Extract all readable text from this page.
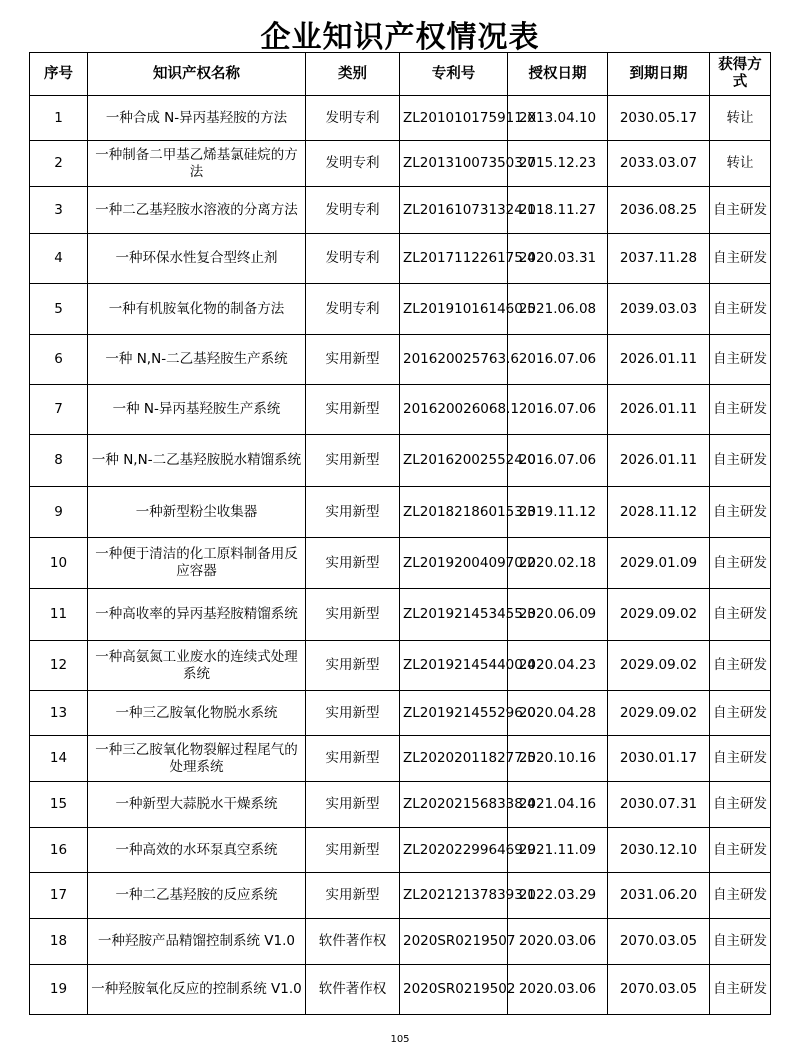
企业知识产权情况表
序号	知识产权名称	类别	专利号	授权日期	到期日期	获得方式
1	一种合成 N-异丙基羟胺的方法	发明专利	ZL201010175911.X	2013.04.10	2030.05.17	转让
2	一种制备二甲基乙烯基氯硅烷的方法	发明专利	ZL201310073503.7	2015.12.23	2033.03.07	转让
3	一种二乙基羟胺水溶液的分离方法	发明专利	ZL201610731324.1	2018.11.27	2036.08.25	自主研发
4	一种环保水性复合型终止剂	发明专利	ZL201711226175.4	2020.03.31	2037.11.28	自主研发
5	一种有机胺氧化物的制备方法	发明专利	ZL201910161460.5	2021.06.08	2039.03.03	自主研发
6	一种 N,N-二乙基羟胺生产系统	实用新型	201620025763.6	2016.07.06	2026.01.11	自主研发
7	一种 N-异丙基羟胺生产系统	实用新型	201620026068.1	2016.07.06	2026.01.11	自主研发
8	一种 N,N-二乙基羟胺脱水精馏系统	实用新型	ZL201620025524.0	2016.07.06	2026.01.11	自主研发
9	一种新型粉尘收集器	实用新型	ZL201821860153.3	2019.11.12	2028.11.12	自主研发
10	一种便于清洁的化工原料制备用反应容器	实用新型	ZL201920040970.2	2020.02.18	2029.01.09	自主研发
11	一种高收率的异丙基羟胺精馏系统	实用新型	ZL201921453455.3	2020.06.09	2029.09.02	自主研发
12	一种高氨氮工业废水的连续式处理系统	实用新型	ZL201921454400.4	2020.04.23	2029.09.02	自主研发
13	一种三乙胺氧化物脱水系统	实用新型	ZL201921455296.0	2020.04.28	2029.09.02	自主研发
14	一种三乙胺氧化物裂解过程尾气的处理系统	实用新型	ZL202020118277.5	2020.10.16	2030.01.17	自主研发
15	一种新型大蒜脱水干燥系统	实用新型	ZL202021568338.4	2021.04.16	2030.07.31	自主研发
16	一种高效的水环泵真空系统	实用新型	ZL202022996469.9	2021.11.09	2030.12.10	自主研发
17	一种二乙基羟胺的反应系统	实用新型	ZL202121378393.1	2022.03.29	2031.06.20	自主研发
18	一种羟胺产品精馏控制系统 V1.0	软件著作权	2020SR0219507	2020.03.06	2070.03.05	自主研发
19	一种羟胺氧化反应的控制系统 V1.0	软件著作权	2020SR0219502	2020.03.06	2070.03.05	自主研发
105
